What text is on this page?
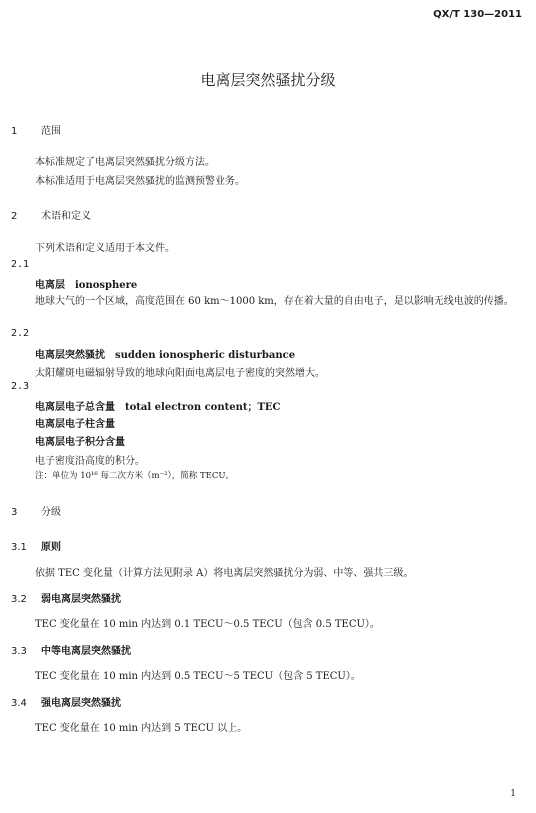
QX/T 130—2011
电离层突然骚扰分级
1 范围
本标准规定了电离层突然骚扰分级方法。
本标准适用于电离层突然骚扰的监测预警业务。
2 术语和定义
下列术语和定义适用于本文件。
2.1
电离层 ionosphere
地球大气的一个区域，高度范围在 60 km～1000 km，存在着大量的自由电子，是以影响无线电波的传播。
2.2
电离层突然骚扰 sudden ionospheric disturbance
太阳耀斑电磁辐射导致的地球向阳面电离层电子密度的突然增大。
2.3
电离层电子总含量 total electron content；TEC
电离层电子柱含量
电离层电子积分含量
电子密度沿高度的积分。
注：单位为 10¹⁶ 每二次方米（m⁻²），简称 TECU。
3 分级
3.1 原则
依据 TEC 变化量（计算方法见附录 A）将电离层突然骚扰分为弱、中等、强共三级。
3.2 弱电离层突然骚扰
TEC 变化量在 10 min 内达到 0.1 TECU～0.5 TECU（包含 0.5 TECU）。
3.3 中等电离层突然骚扰
TEC 变化量在 10 min 内达到 0.5 TECU～5 TECU（包含 5 TECU）。
3.4 强电离层突然骚扰
TEC 变化量在 10 min 内达到 5 TECU 以上。
1
